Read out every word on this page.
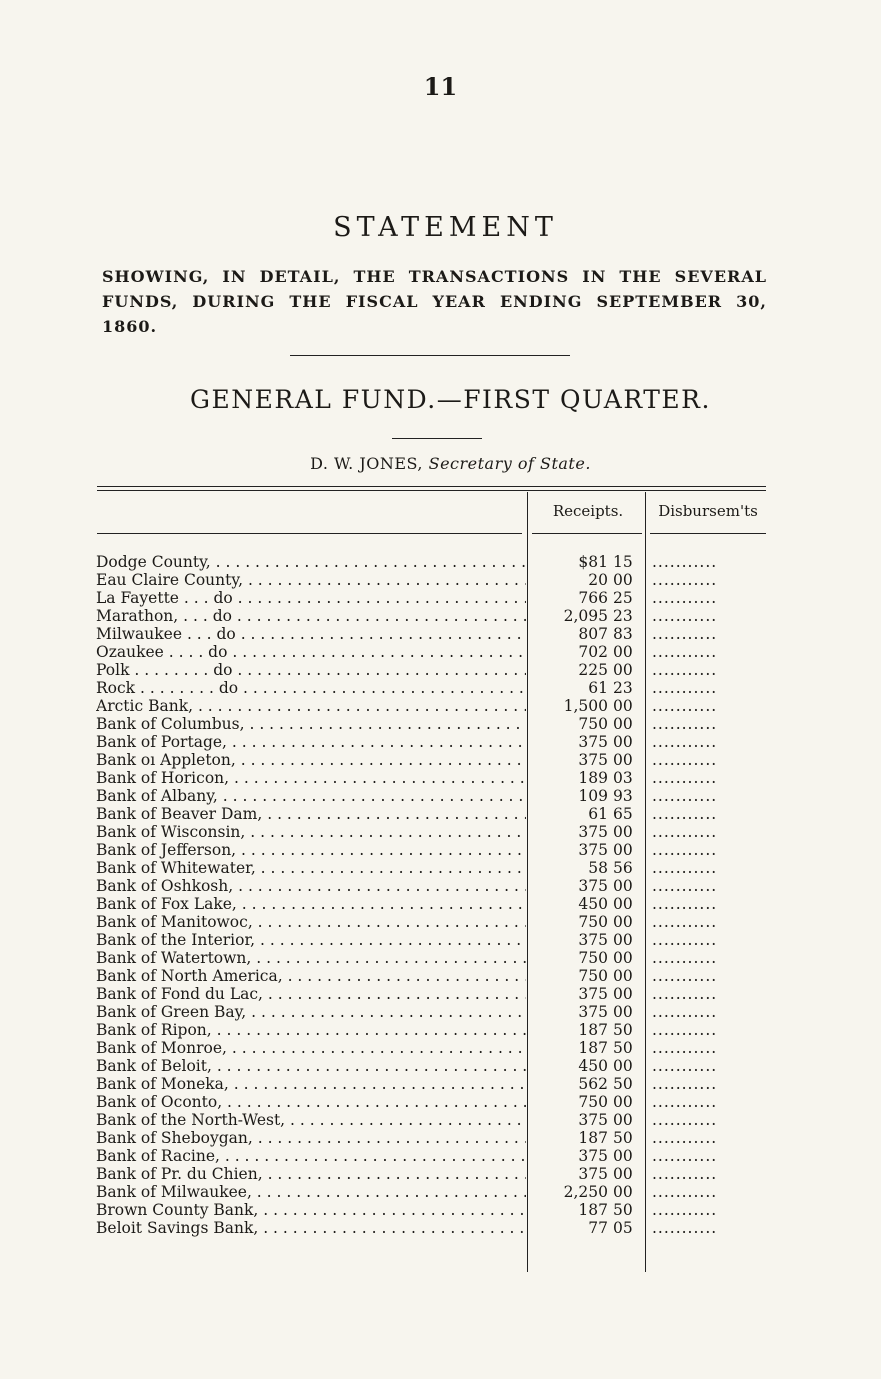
11
STATEMENT
SHOWING, IN DETAIL, THE TRANSACTIONS IN THE SEVERAL FUNDS, DURING THE FISCAL YEAR ENDING SEPTEMBER 30, 1860.
GENERAL FUND.—FIRST QUARTER.
D. W. JONES, Secretary of State.
Receipts.	Disbursem'ts
Dodge County, . . .	$81 15 ...........
Eau Claire County, . . .	20 00 ...........
La Fayette . . . do . . .	766 25 ...........
Marathon, . . . do . . .	2,095 23 ...........
Milwaukee . . . do . . .	807 83 ...........
Ozaukee . . . . do . . .	702 00 ...........
Polk . . . . . . . . do . . .	225 00 ...........
Rock . . . . . . . . do . . .	61 23 ...........
Arctic Bank, . . .	1,500 00 ...........
Bank of Columbus, . . .	750 00 ...........
Bank of Portage, . . .	375 00 ...........
Bank oı Appleton, . . .	375 00 ...........
Bank of Horicon, . . .	189 03 ...........
Bank of Albany, . . .	109 93 ...........
Bank of Beaver Dam, . . .	61 65 ...........
Bank of Wisconsin, . . .	375 00 ...........
Bank of Jefferson, . . .	375 00 ...........
Bank of Whitewater, . . .	58 56 ...........
Bank of Oshkosh, . . .	375 00 ...........
Bank of Fox Lake, . . .	450 00 ...........
Bank of Manitowoc, . . .	750 00 ...........
Bank of the Interior, . . .	375 00 ...........
Bank of Watertown, . . .	750 00 ...........
Bank of North America, . . .	750 00 ...........
Bank of Fond du Lac, . . .	375 00 ...........
Bank of Green Bay, . . .	375 00 ...........
Bank of Ripon, . . .	187 50 ...........
Bank of Monroe, . . .	187 50 ...........
Bank of Beloit, . . .	450 00 ...........
Bank of Moneka, . . .	562 50 ...........
Bank of Oconto, . . .	750 00 ...........
Bank of the North-West, . . .	375 00 ...........
Bank of Sheboygan, . . .	187 50 ...........
Bank of Racine, . . .	375 00 ...........
Bank of Pr. du Chien, . . .	375 00 ...........
Bank of Milwaukee, . . .	2,250 00 ...........
Brown County Bank, . . .	187 50 ...........
Beloit Savings Bank, . . .	77 05 ...........
